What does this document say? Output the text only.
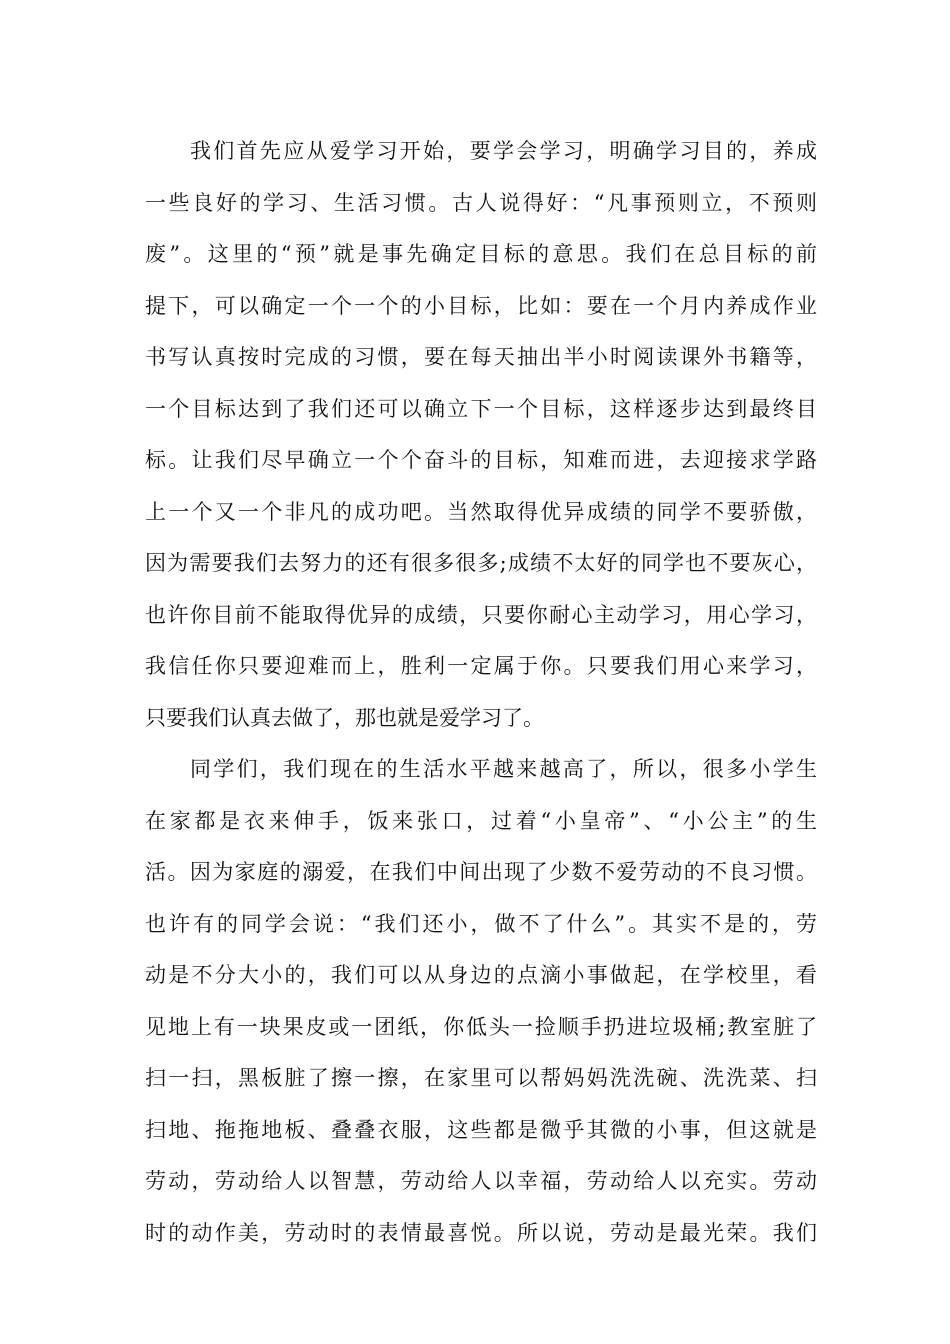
我们首先应从爱学习开始，要学会学习，明确学习目的，养成
一些良好的学习、生活习惯。古人说得好：“凡事预则立，不预则
废”。这里的“预”就是事先确定目标的意思。我们在总目标的前
提下，可以确定一个一个的小目标，比如：要在一个月内养成作业
书写认真按时完成的习惯，要在每天抽出半小时阅读课外书籍等，
一个目标达到了我们还可以确立下一个目标，这样逐步达到最终目
标。让我们尽早确立一个个奋斗的目标，知难而进，去迎接求学路
上一个又一个非凡的成功吧。当然取得优异成绩的同学不要骄傲，
因为需要我们去努力的还有很多很多;成绩不太好的同学也不要灰心，
也许你目前不能取得优异的成绩，只要你耐心主动学习，用心学习，
我信任你只要迎难而上，胜利一定属于你。只要我们用心来学习，
只要我们认真去做了，那也就是爱学习了。
同学们，我们现在的生活水平越来越高了，所以，很多小学生
在家都是衣来伸手，饭来张口，过着“小皇帝”、“小公主”的生
活。因为家庭的溺爱，在我们中间出现了少数不爱劳动的不良习惯。
也许有的同学会说：“我们还小，做不了什么”。其实不是的，劳
动是不分大小的，我们可以从身边的点滴小事做起，在学校里，看
见地上有一块果皮或一团纸，你低头一捡顺手扔进垃圾桶;教室脏了
扫一扫，黑板脏了擦一擦，在家里可以帮妈妈洗洗碗、洗洗菜、扫
扫地、拖拖地板、叠叠衣服，这些都是微乎其微的小事，但这就是
劳动，劳动给人以智慧，劳动给人以幸福，劳动给人以充实。劳动
时的动作美，劳动时的表情最喜悦。所以说，劳动是最光荣。我们
